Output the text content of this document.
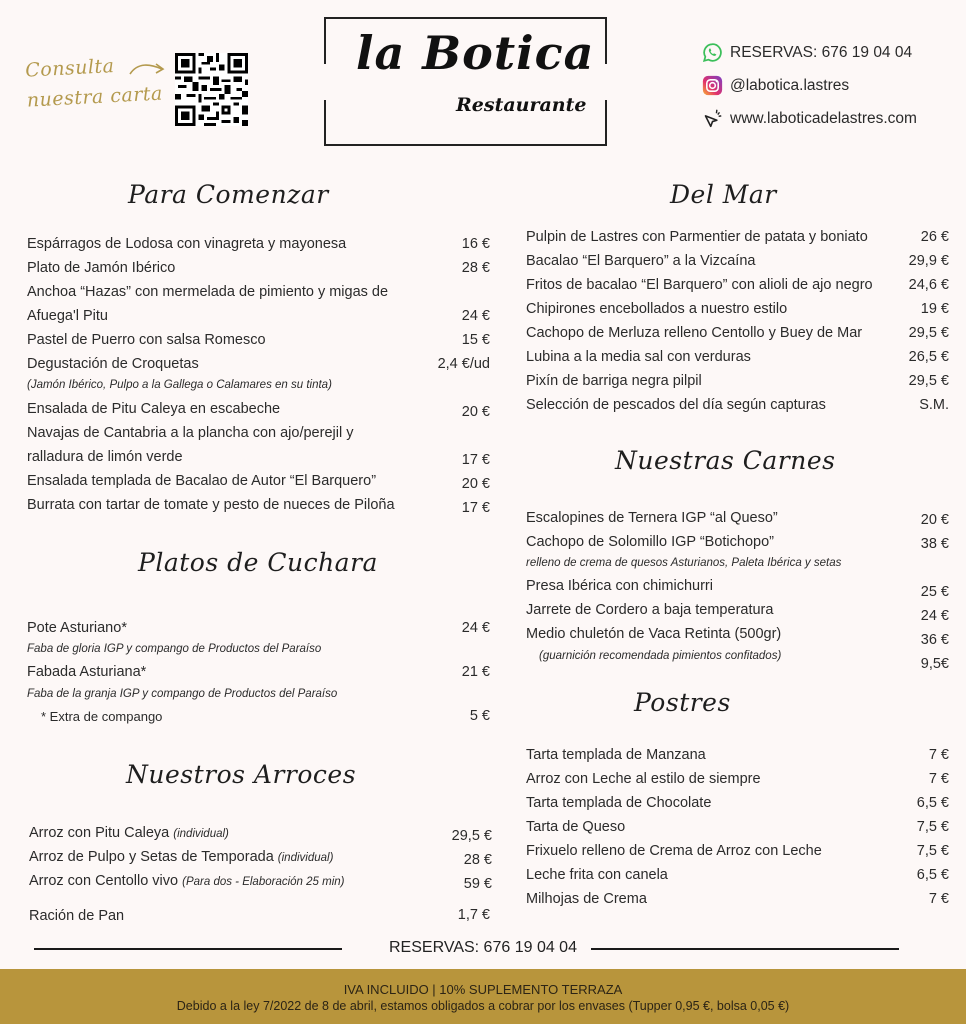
Consulta
nuestra carta
la Botica
Restaurante
RESERVAS: 676 19 04 04
@labotica.lastres
www.laboticadelastres.com
Para Comenzar
Espárragos de Lodosa con vinagreta y mayonesa	16 €
Plato de Jamón Ibérico	28 €
Anchoa “Hazas” con mermelada de pimiento y migas de
Afuega'l Pitu	24 €
Pastel de Puerro con salsa Romesco	15 €
Degustación de Croquetas	2,4 €/ud
(Jamón Ibérico, Pulpo a la Gallega o Calamares en su tinta)
Ensalada de Pitu Caleya en escabeche	20 €
Navajas de Cantabria a la plancha con ajo/perejil y
ralladura de limón verde	17 €
Ensalada templada de Bacalao de Autor “El Barquero”	20 €
Burrata con tartar de tomate y pesto de nueces de Piloña	17 €
Platos de Cuchara
Pote Asturiano*	24 €
Faba de gloria IGP y compango de Productos del Paraíso
Fabada Asturiana*	21 €
Faba de la granja IGP y compango de Productos del Paraíso
* Extra de compango	5 €
Nuestros Arroces
Arroz con Pitu Caleya (individual)	29,5 €
Arroz de Pulpo y Setas de Temporada (individual)	28 €
Arroz con Centollo vivo (Para dos - Elaboración 25 min)	59 €
Ración de Pan	1,7 €
Del Mar
Pulpin de Lastres con Parmentier de patata y boniato	26 €
Bacalao “El Barquero” a la Vizcaína	29,9 €
Fritos de bacalao “El Barquero” con alioli de ajo negro 24,6 €
Chipirones encebollados a nuestro estilo	19 €
Cachopo de Merluza relleno Centollo y Buey de Mar	29,5 €
Lubina a la media sal con verduras	26,5 €
Pixín de barriga negra pilpil	29,5 €
Selección de pescados del día según capturas	S.M.
Nuestras Carnes
Escalopines de Ternera IGP “al Queso”	20 €
Cachopo de Solomillo IGP “Botichopo”	38 €
relleno de crema de quesos Asturianos, Paleta Ibérica y setas
Presa Ibérica con chimichurri	25 €
Jarrete de Cordero a baja temperatura	24 €
Medio chuletón de Vaca Retinta (500gr)	36 €
(guarnición recomendada pimientos confitados)	9,5€
Postres
Tarta templada de Manzana	7 €
Arroz con Leche al estilo de siempre	7 €
Tarta templada de Chocolate	6,5 €
Tarta de Queso	7,5 €
Frixuelo relleno de Crema de Arroz con Leche	7,5 €
Leche frita con canela	6,5 €
Milhojas de Crema	7 €
RESERVAS: 676 19 04 04
IVA INCLUIDO | 10% SUPLEMENTO TERRAZA
Debido a la ley 7/2022 de 8 de abril, estamos obligados a cobrar por los envases (Tupper 0,95 €, bolsa 0,05 €)
